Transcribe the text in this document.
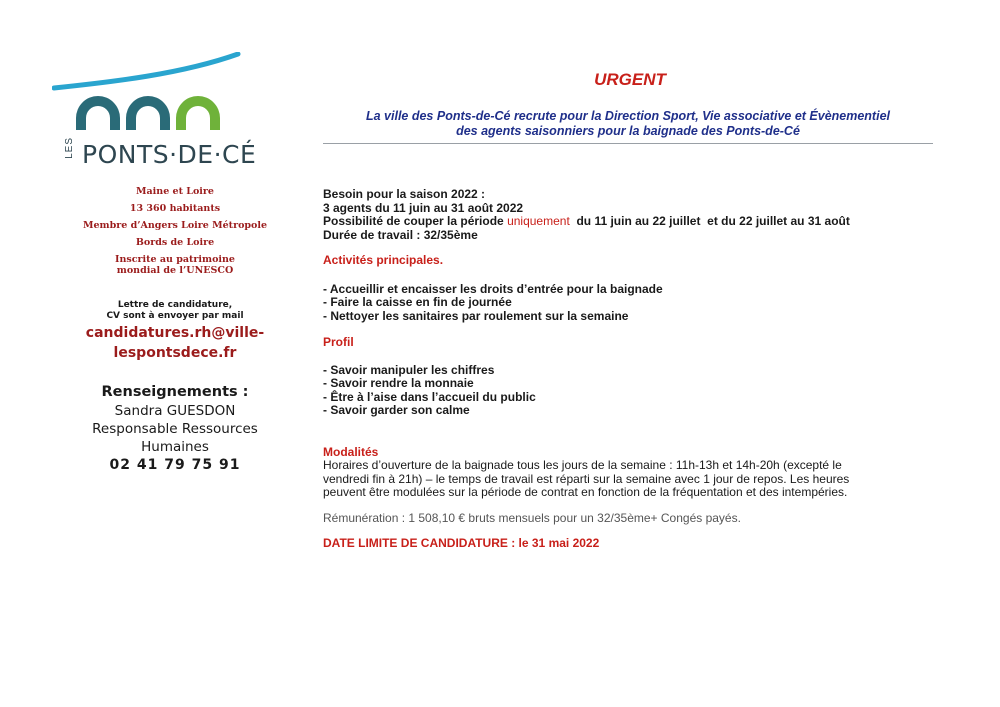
LES PONTS·DE·CÉ

Maine et Loire

13 360 habitants

Membre d’Angers Loire Métropole

Bords de Loire

Inscrite au patrimoine

mondial de l’UNESCO

Lettre de candidature,
CV sont à envoyer par mail
candidatures.rh@ville-
lespontsdece.fr
Renseignements :
Sandra GUESDON
Responsable Ressources
Humaines
02 41 79 75 91
URGENT
La ville des Ponts-de-Cé recrute pour la Direction Sport, Vie associative et Évènementiel
des agents saisonniers pour la baignade des Ponts-de-Cé

Besoin pour la saison 2022 :

3 agents du 11 juin au 31 août 2022

Possibilité de couper la période uniquement  du 11 juin au 22 juillet  et du 22 juillet au 31 août

Durée de travail : 32/35ème

Activités principales.

- Accueillir et encaisser les droits d’entrée pour la baignade

- Faire la caisse en fin de journée

- Nettoyer les sanitaires par roulement sur la semaine

Profil

- Savoir manipuler les chiffres

- Savoir rendre la monnaie

- Être à l’aise dans l’accueil du public

- Savoir garder son calme

Modalités

Horaires d’ouverture de la baignade tous les jours de la semaine : 11h-13h et 14h-20h (excepté le

vendredi fin à 21h) – le temps de travail est réparti sur la semaine avec 1 jour de repos. Les heures

peuvent être modulées sur la période de contrat en fonction de la fréquentation et des intempéries.

Rémunération : 1 508,10 € bruts mensuels pour un 32/35ème+ Congés payés.

DATE LIMITE DE CANDIDATURE : le 31 mai 2022
